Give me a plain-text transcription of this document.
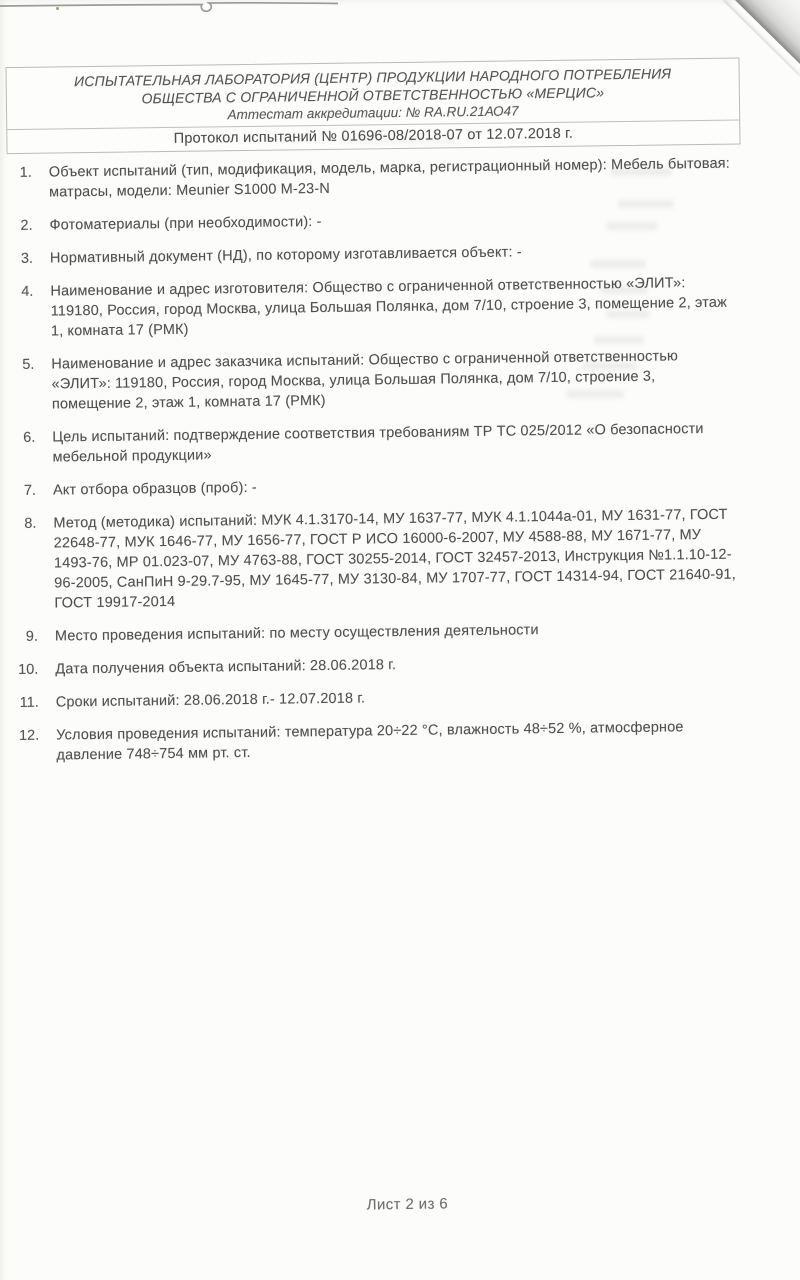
ИСПЫТАТЕЛЬНАЯ ЛАБОРАТОРИЯ (ЦЕНТР) ПРОДУКЦИИ НАРОДНОГО ПОТРЕБЛЕНИЯ
ОБЩЕСТВА С ОГРАНИЧЕННОЙ ОТВЕТСТВЕННОСТЬЮ «МЕРЦИС»
Аттестат аккредитации: № RA.RU.21АО47
Протокол испытаний № 01696-08/2018-07 от 12.07.2018 г.
1.	Объект испытаний (тип, модификация, модель, марка, регистрационный номер): Мебель бытовая:
матрасы, модели: Meunier S1000 M-23-N
2.	Фотоматериалы (при необходимости): -
3.	Нормативный документ (НД), по которому изготавливается объект: -
4.	Наименование и адрес изготовителя: Общество с ограниченной ответственностью «ЭЛИТ»:
119180, Россия, город Москва, улица Большая Полянка, дом 7/10, строение 3, помещение 2, этаж
1, комната 17 (РМК)
5.	Наименование и адрес заказчика испытаний: Общество с ограниченной ответственностью
«ЭЛИТ»: 119180, Россия, город Москва, улица Большая Полянка, дом 7/10, строение 3,
помещение 2, этаж 1, комната 17 (РМК)
6.	Цель испытаний: подтверждение соответствия требованиям ТР ТС 025/2012 «О безопасности
мебельной продукции»
7.	Акт отбора образцов (проб): -
8.	Метод (методика) испытаний: МУК 4.1.3170-14, МУ 1637-77, МУК 4.1.1044а-01, МУ 1631-77, ГОСТ
22648-77, МУК 1646-77, МУ 1656-77, ГОСТ Р ИСО 16000-6-2007, МУ 4588-88, МУ 1671-77, МУ
1493-76, МР 01.023-07, МУ 4763-88, ГОСТ 30255-2014, ГОСТ 32457-2013, Инструкция №1.1.10-12-
96-2005, СанПиН 9-29.7-95, МУ 1645-77, МУ 3130-84, МУ 1707-77, ГОСТ 14314-94, ГОСТ 21640-91,
ГОСТ 19917-2014
9.	Место проведения испытаний: по месту осуществления деятельности
10.	Дата получения объекта испытаний: 28.06.2018 г.
11.	Сроки испытаний: 28.06.2018 г.- 12.07.2018 г.
12.	Условия проведения испытаний: температура 20÷22 °С, влажность 48÷52 %, атмосферное
давление 748÷754 мм рт. ст.
Лист 2 из 6
